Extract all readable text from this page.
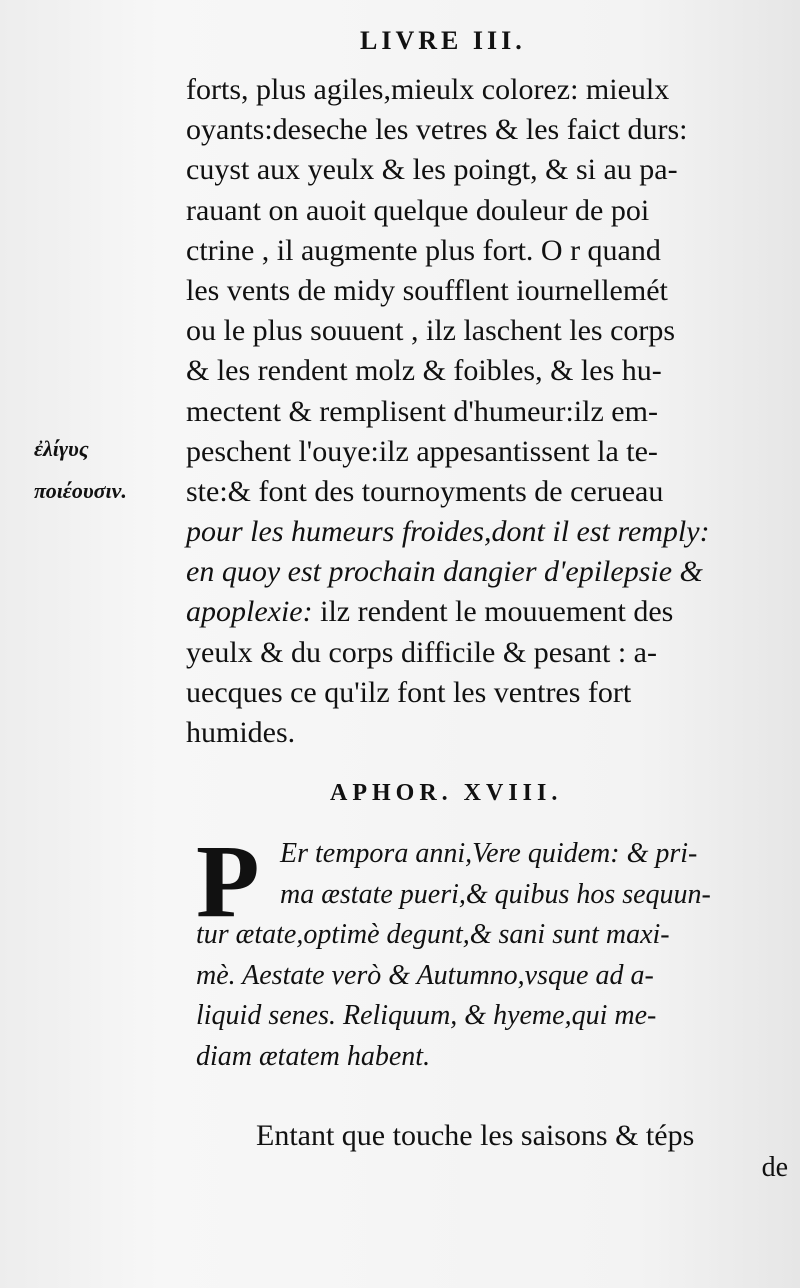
LIVRE III.
forts, plus agiles,mieulx colorez: mieulx
oyants:deseche les vetres & les faict durs:
cuyst aux yeulx & les poingt, & si au pa-
rauant on auoit quelque douleur de poi
ctrine , il augmente plus fort. O r quand
les vents de midy soufflent iournellemét
ou le plus souuent , ilz laschent les corps
& les rendent molz & foibles, & les hu-
mectent & remplisent d'humeur:ilz em-
peschent l'ouye:ilz appesantissent la te-
ste:& font des tournoyments de cerueau
pour les humeurs froides,dont il est remply:
en quoy est prochain dangier d'epilepsie &
apoplexie: ilz rendent le mouuement des
yeulx & du corps difficile & pesant : a-
uecques ce qu'ilz font les ventres fort
humides.
ἐλίγυς
ποιέουσιν.
APHOR. XVIII.
P Er tempora anni,Vere quidem: & pri-
ma æstate pueri,& quibus hos sequun-
tur ætate,optimè degunt,& sani sunt maxi-
mè. Aestate verò & Autumno,vsque ad a-
liquid senes. Reliquum, & hyeme,qui me-
diam ætatem habent.
Entant que touche les saisons & téps
de
